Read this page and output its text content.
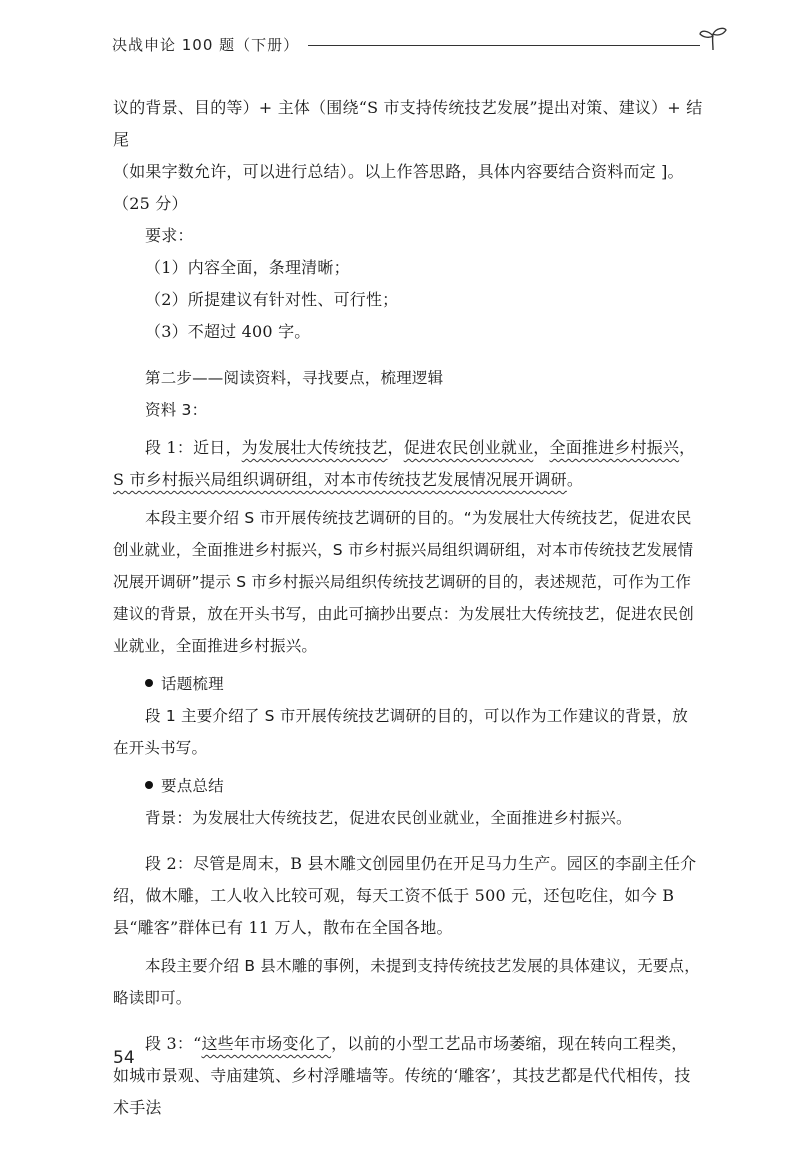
决战申论 100 题（下册）

议的背景、目的等）+ 主体（围绕“S 市支持传统技艺发展”提出对策、建议）+ 结尾

（如果字数允许，可以进行总结）。以上作答思路，具体内容要结合资料而定 ]。（25 分）

要求：

（1）内容全面，条理清晰；

（2）所提建议有针对性、可行性；

（3）不超过 400 字。

第二步——阅读资料，寻找要点，梳理逻辑

资料 3：

段 1：近日，为发展壮大传统技艺，促进农民创业就业，全面推进乡村振兴，S 市乡村振兴局组织调研组，对本市传统技艺发展情况展开调研。

本段主要介绍 S 市开展传统技艺调研的目的。“为发展壮大传统技艺，促进农民创业就业，全面推进乡村振兴，S 市乡村振兴局组织调研组，对本市传统技艺发展情况展开调研”提示 S 市乡村振兴局组织传统技艺调研的目的，表述规范，可作为工作建议的背景，放在开头书写，由此可摘抄出要点：为发展壮大传统技艺，促进农民创业就业，全面推进乡村振兴。

话题梳理

段 1 主要介绍了 S 市开展传统技艺调研的目的，可以作为工作建议的背景，放在开头书写。

要点总结

背景：为发展壮大传统技艺，促进农民创业就业，全面推进乡村振兴。

段 2：尽管是周末，B 县木雕文创园里仍在开足马力生产。园区的李副主任介绍，做木雕，工人收入比较可观，每天工资不低于 500 元，还包吃住，如今 B 县“雕客”群体已有 11 万人，散布在全国各地。

本段主要介绍 B 县木雕的事例，未提到支持传统技艺发展的具体建议，无要点，略读即可。

段 3：“这些年市场变化了，以前的小型工艺品市场萎缩，现在转向工程类，如城市景观、寺庙建筑、乡村浮雕墙等。传统的‘雕客’，其技艺都是代代相传，技术手法

54
